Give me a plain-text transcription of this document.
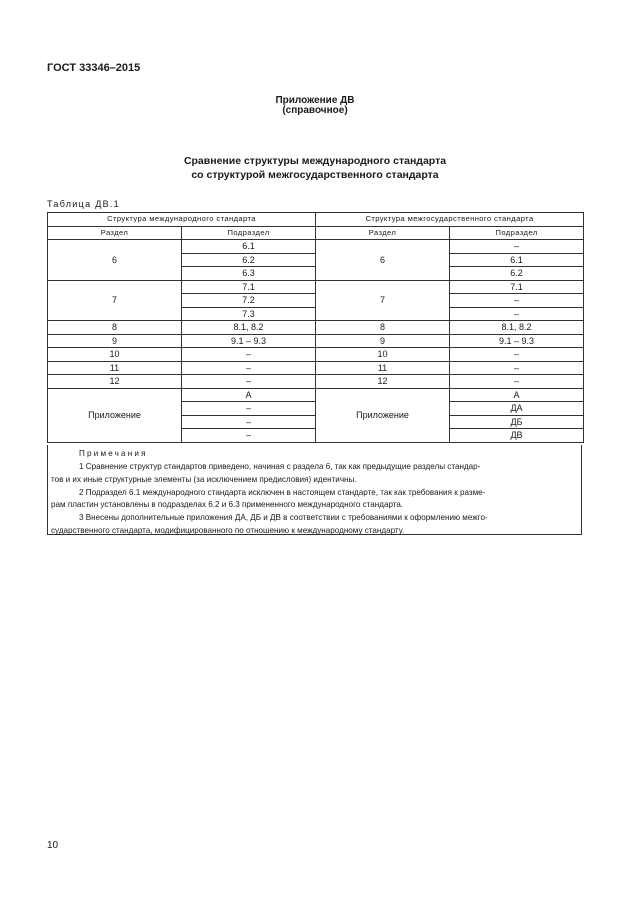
ГОСТ 33346–2015
Приложение ДВ
(справочное)
Сравнение структуры международного стандарта
со структурой межгосударственного стандарта
Таблица ДВ.1
Структура международного стандарта		Структура межгосударственного стандарта	
Раздел	Подраздел	Раздел	Подраздел
6	6.1	6	–
	6.2		6.1
	6.3		6.2
7	7.1	7	7.1
	7.2		–
	7.3		–
8	8.1, 8.2	8	8.1, 8.2
9	9.1 – 9.3	9	9.1 – 9.3
10	–	10	–
11	–	11	–
12	–	12	–
Приложение	А	Приложение	А
	–		ДА
	–		ДБ
	–		ДВ
Примечания
1 Сравнение структур стандартов приведено, начиная с раздела 6, так как предыдущие разделы стандар-
тов и их иные структурные элементы (за исключением предисловия) идентичны.
2 Подраздел 6.1 международного стандарта исключен в настоящем стандарте, так как требования к разме-
рам пластин установлены в подразделах 6.2 и 6.3 примененного международного стандарта.
3 Внесены дополнительные приложения ДА, ДБ и ДВ в соответствии с требованиями к оформлению межго-
сударственного стандарта, модифицированного по отношению к международному стандарту.
10
